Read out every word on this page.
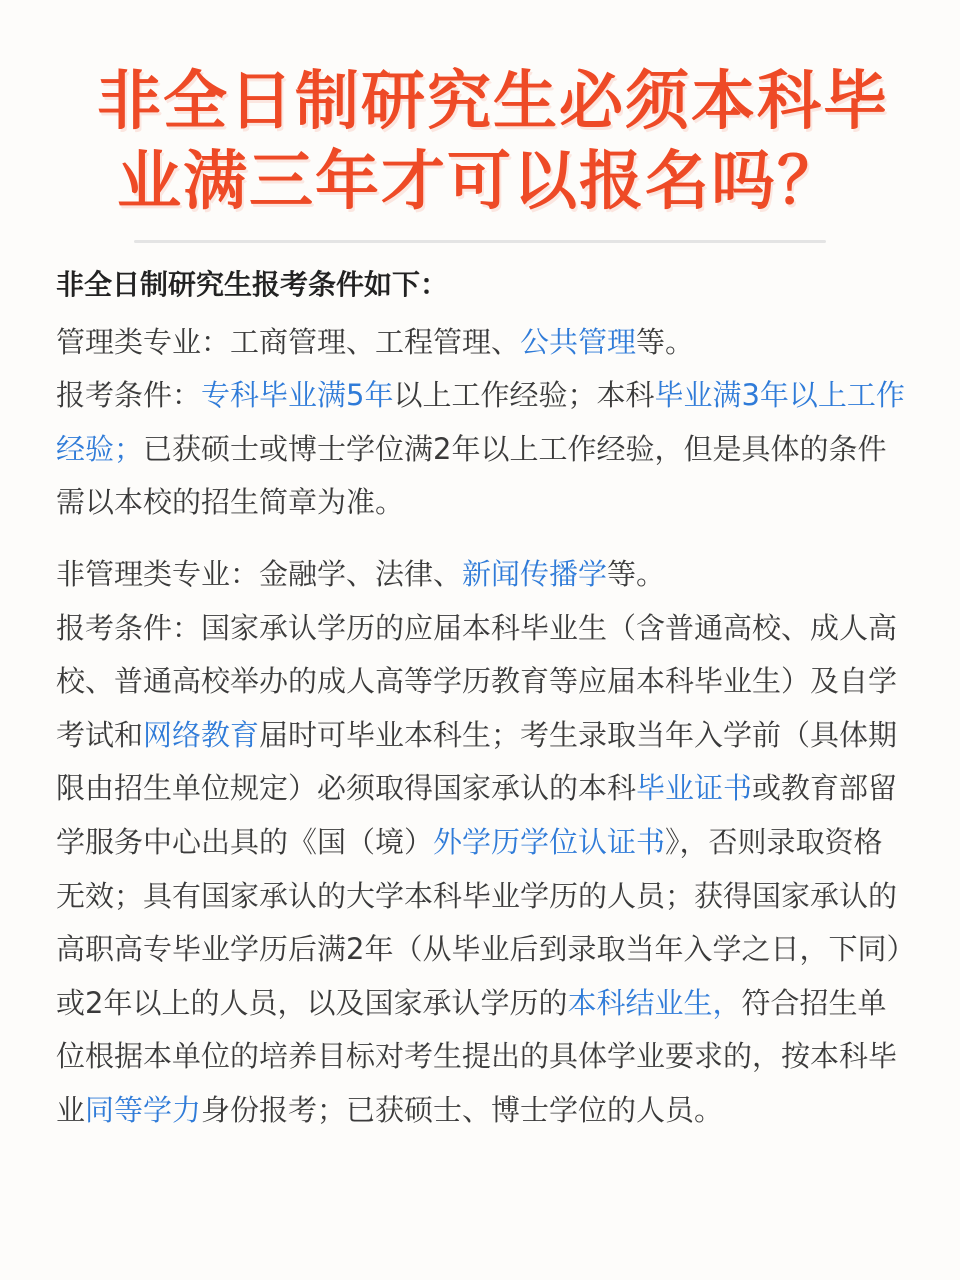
非全日制研究生必须本科毕
业满三年才可以报名吗？

非全日制研究生报考条件如下：

管理类专业：工商管理、工程管理、公共管理等。

报考条件：专科毕业满5年以上工作经验；本科毕业满3年以上工作经验；已获硕士或博士学位满2年以上工作经验，但是具体的条件需以本校的招生简章为准。

非管理类专业：金融学、法律、新闻传播学等。

报考条件：国家承认学历的应届本科毕业生（含普通高校、成人高校、普通高校举办的成人高等学历教育等应届本科毕业生）及自学考试和网络教育届时可毕业本科生；考生录取当年入学前（具体期限由招生单位规定）必须取得国家承认的本科毕业证书或教育部留学服务中心出具的《国（境）外学历学位认证书》，否则录取资格无效；具有国家承认的大学本科毕业学历的人员；获得国家承认的高职高专毕业学历后满2年（从毕业后到录取当年入学之日，下同）或2年以上的人员，以及国家承认学历的本科结业生，符合招生单位根据本单位的培养目标对考生提出的具体学业要求的，按本科毕业同等学力身份报考；已获硕士、博士学位的人员。
